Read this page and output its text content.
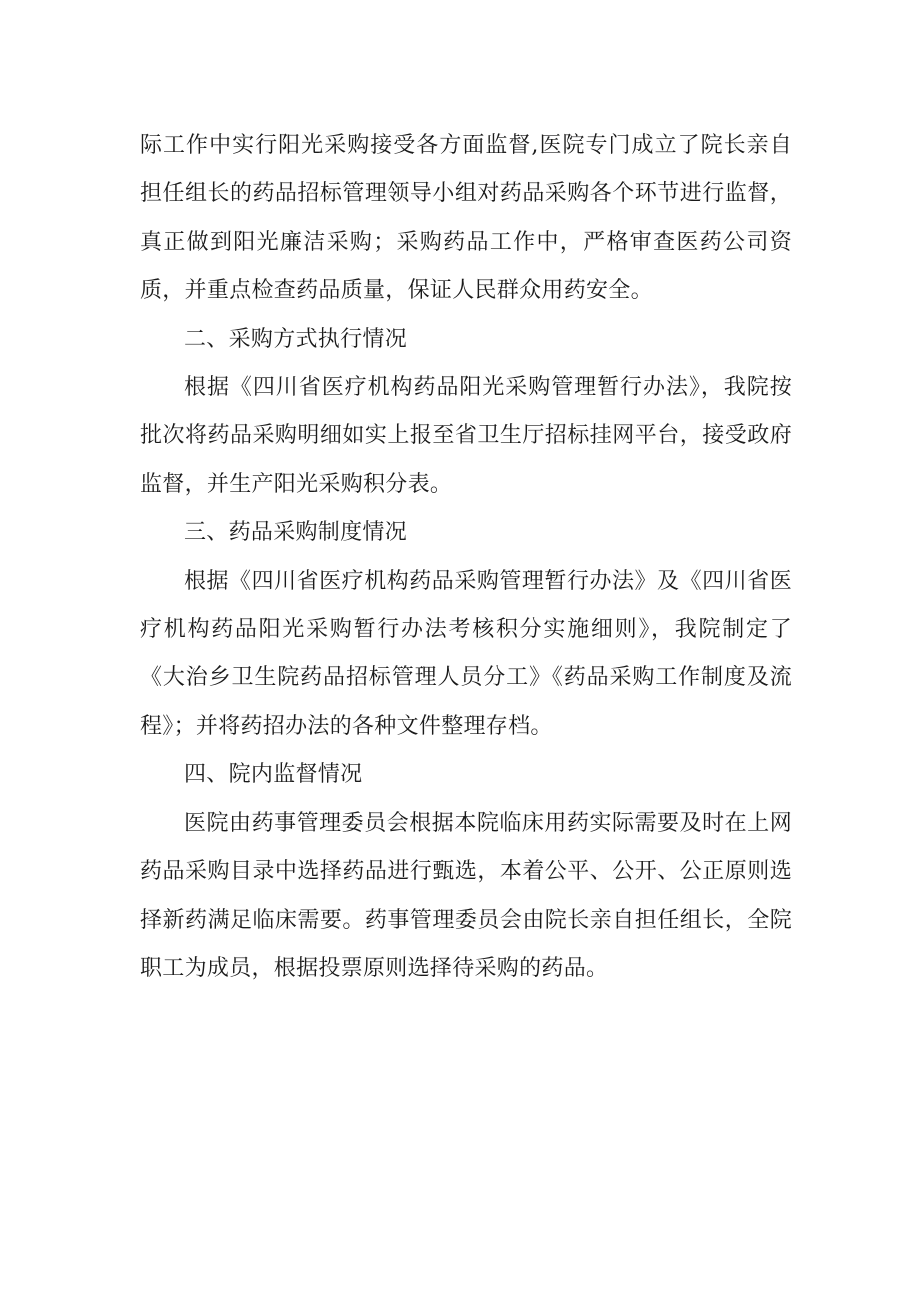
际工作中实行阳光采购接受各方面监督,医院专门成立了院长亲自担任组长的药品招标管理领导小组对药品采购各个环节进行监督，真正做到阳光廉洁采购；采购药品工作中，严格审查医药公司资质，并重点检查药品质量，保证人民群众用药安全。

二、采购方式执行情况

根据《四川省医疗机构药品阳光采购管理暂行办法》，我院按批次将药品采购明细如实上报至省卫生厅招标挂网平台，接受政府监督，并生产阳光采购积分表。

三、药品采购制度情况

根据《四川省医疗机构药品采购管理暂行办法》及《四川省医疗机构药品阳光采购暂行办法考核积分实施细则》，我院制定了《大治乡卫生院药品招标管理人员分工》《药品采购工作制度及流程》；并将药招办法的各种文件整理存档。

四、院内监督情况

医院由药事管理委员会根据本院临床用药实际需要及时在上网药品采购目录中选择药品进行甄选，本着公平、公开、公正原则选择新药满足临床需要。药事管理委员会由院长亲自担任组长，全院职工为成员，根据投票原则选择待采购的药品。
